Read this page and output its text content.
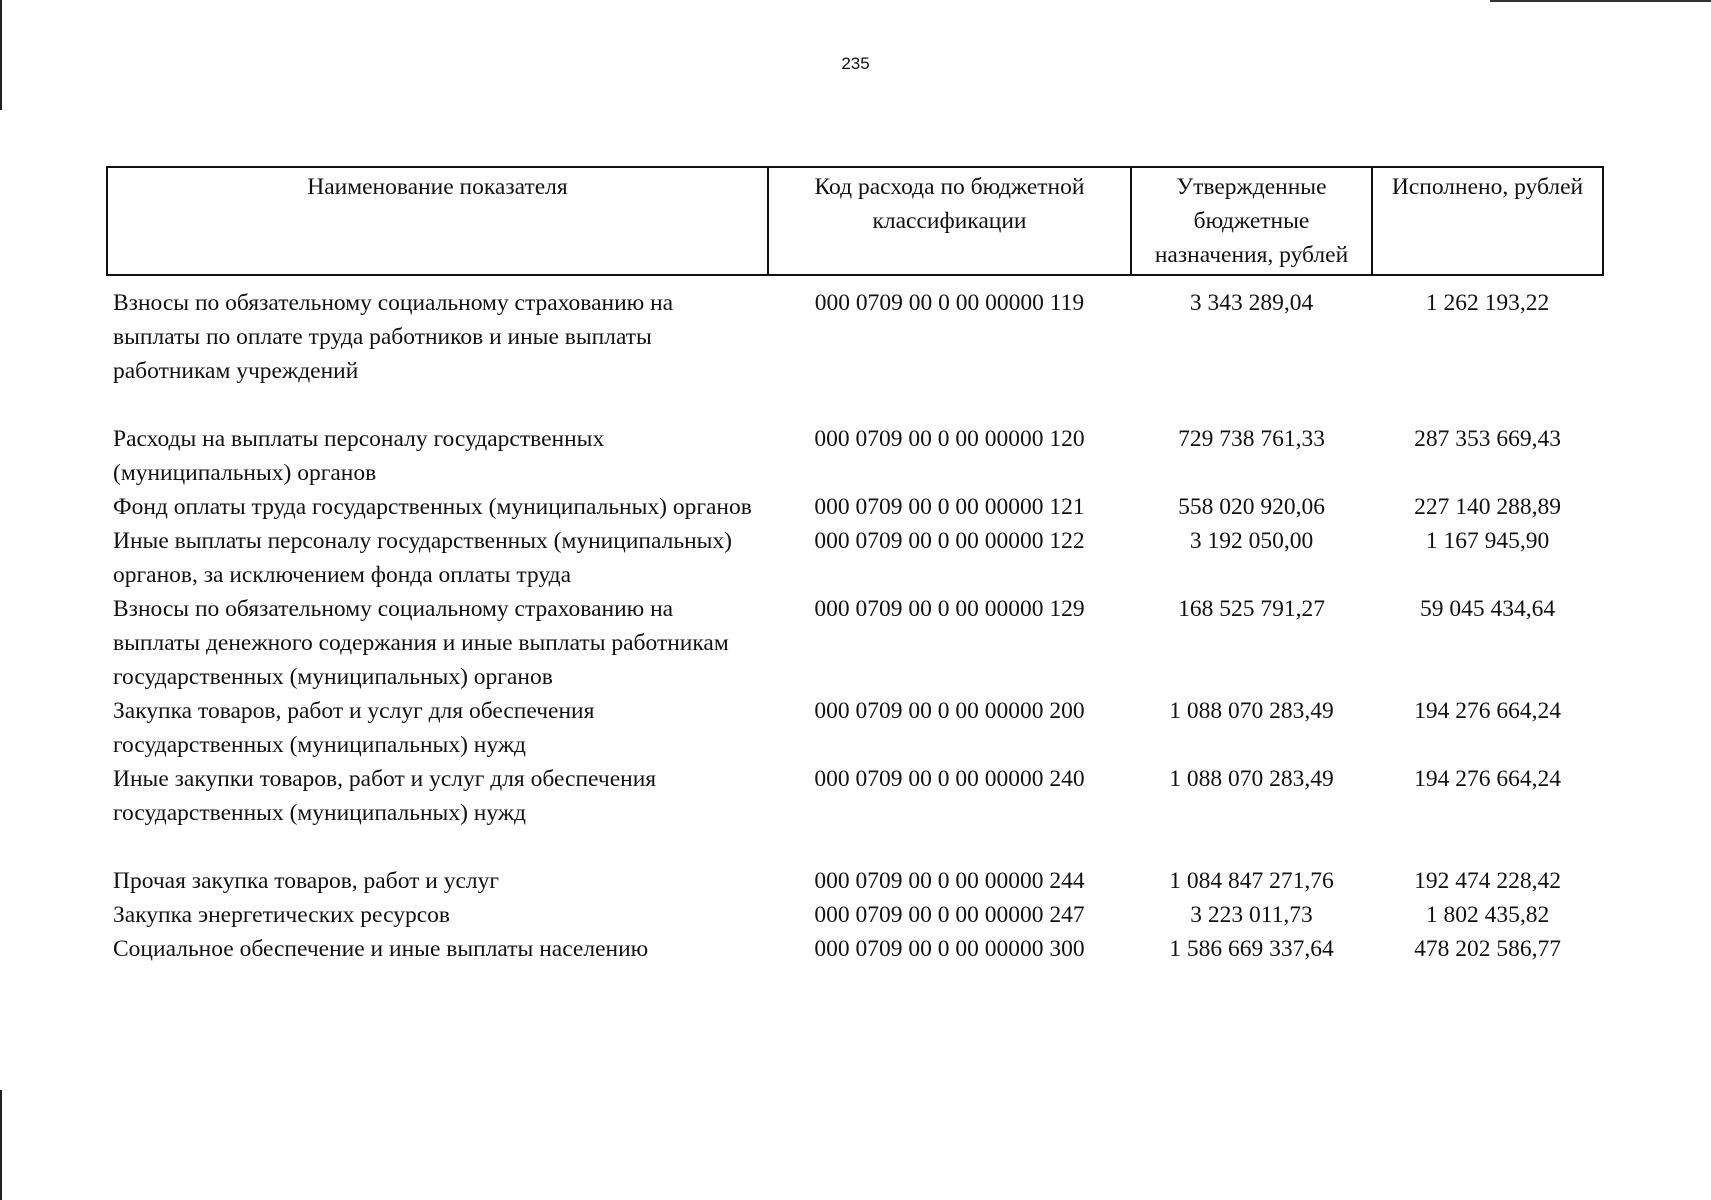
235
Наименование показателя	Код расхода по бюджетной классификации	Утвержденные бюджетные назначения, рублей	Исполнено, рублей
Взносы по обязательному социальному страхованию на выплаты по оплате труда работников и иные выплаты работникам учреждений	000 0709 00 0 00 00000 119	3 343 289,04	1 262 193,22
Расходы на выплаты персоналу государственных (муниципальных) органов	000 0709 00 0 00 00000 120	729 738 761,33	287 353 669,43
Фонд оплаты труда государственных (муниципальных) органов	000 0709 00 0 00 00000 121	558 020 920,06	227 140 288,89
Иные выплаты персоналу государственных (муниципальных) органов, за исключением фонда оплаты труда	000 0709 00 0 00 00000 122	3 192 050,00	1 167 945,90
Взносы по обязательному социальному страхованию на выплаты денежного содержания и иные выплаты работникам государственных (муниципальных) органов	000 0709 00 0 00 00000 129	168 525 791,27	59 045 434,64
Закупка товаров, работ и услуг для обеспечения государственных (муниципальных) нужд	000 0709 00 0 00 00000 200	1 088 070 283,49	194 276 664,24
Иные закупки товаров, работ и услуг для обеспечения государственных (муниципальных) нужд	000 0709 00 0 00 00000 240	1 088 070 283,49	194 276 664,24
Прочая закупка товаров, работ и услуг	000 0709 00 0 00 00000 244	1 084 847 271,76	192 474 228,42
Закупка энергетических ресурсов	000 0709 00 0 00 00000 247	3 223 011,73	1 802 435,82
Социальное обеспечение и иные выплаты населению	000 0709 00 0 00 00000 300	1 586 669 337,64	478 202 586,77
